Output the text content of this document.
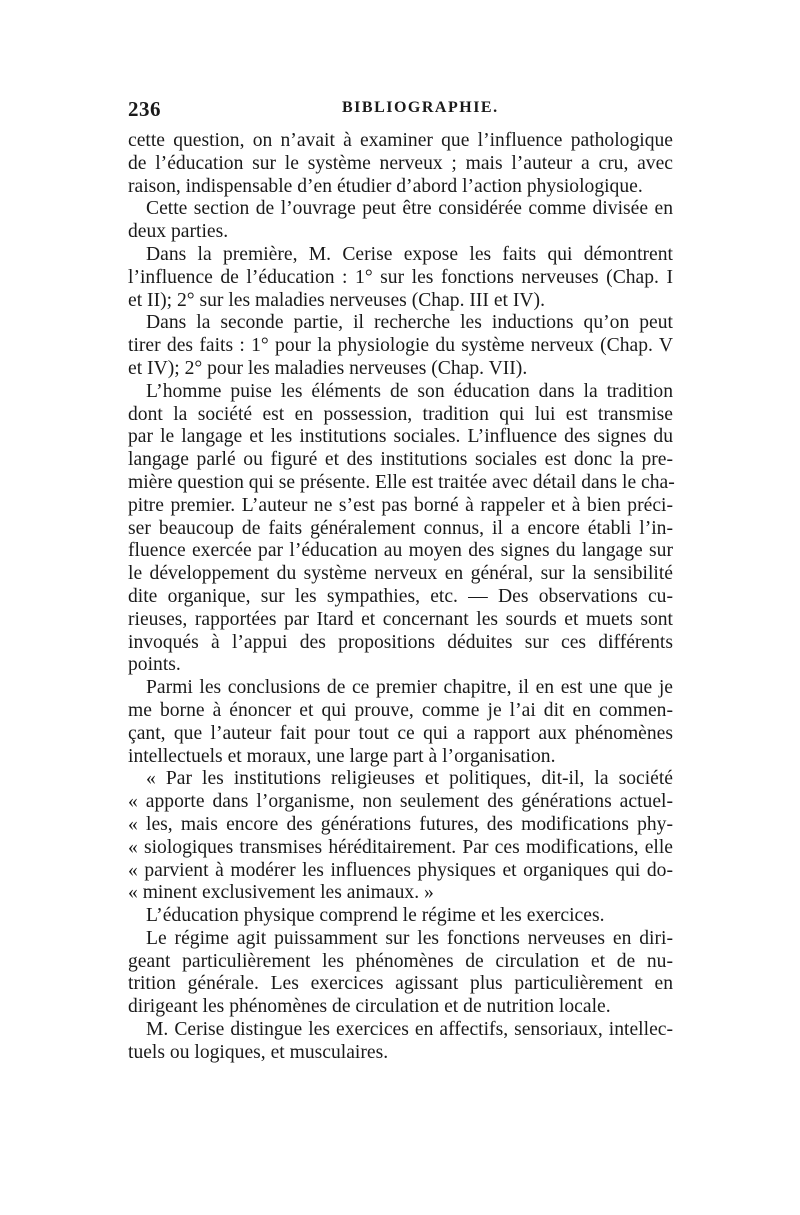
236	BIBLIOGRAPHIE.
cette question, on n’avait à examiner que l’influence pathologique
de l’éducation sur le système nerveux ; mais l’auteur a cru, avec
raison, indispensable d’en étudier d’abord l’action physiologique.
Cette section de l’ouvrage peut être considérée comme divisée en
deux parties.
Dans la première, M. Cerise expose les faits qui démontrent
l’influence de l’éducation : 1° sur les fonctions nerveuses (Chap. I
et II); 2° sur les maladies nerveuses (Chap. III et IV).
Dans la seconde partie, il recherche les inductions qu’on peut
tirer des faits : 1° pour la physiologie du système nerveux (Chap. V
et IV); 2° pour les maladies nerveuses (Chap. VII).
L’homme puise les éléments de son éducation dans la tradition
dont la société est en possession, tradition qui lui est transmise
par le langage et les institutions sociales. L’influence des signes du
langage parlé ou figuré et des institutions sociales est donc la pre-
mière question qui se présente. Elle est traitée avec détail dans le cha-
pitre premier. L’auteur ne s’est pas borné à rappeler et à bien préci-
ser beaucoup de faits généralement connus, il a encore établi l’in-
fluence exercée par l’éducation au moyen des signes du langage sur
le développement du système nerveux en général, sur la sensibilité
dite organique, sur les sympathies, etc. — Des observations cu-
rieuses, rapportées par Itard et concernant les sourds et muets sont
invoqués à l’appui des propositions déduites sur ces différents
points.
Parmi les conclusions de ce premier chapitre, il en est une que je
me borne à énoncer et qui prouve, comme je l’ai dit en commen-
çant, que l’auteur fait pour tout ce qui a rapport aux phénomènes
intellectuels et moraux, une large part à l’organisation.
« Par les institutions religieuses et politiques, dit-il, la société
« apporte dans l’organisme, non seulement des générations actuel-
« les, mais encore des générations futures, des modifications phy-
« siologiques transmises héréditairement. Par ces modifications, elle
« parvient à modérer les influences physiques et organiques qui do-
« minent exclusivement les animaux. »
L’éducation physique comprend le régime et les exercices.
Le régime agit puissamment sur les fonctions nerveuses en diri-
geant particulièrement les phénomènes de circulation et de nu-
trition générale. Les exercices agissant plus particulièrement en
dirigeant les phénomènes de circulation et de nutrition locale.
M. Cerise distingue les exercices en affectifs, sensoriaux, intellec-
tuels ou logiques, et musculaires.
